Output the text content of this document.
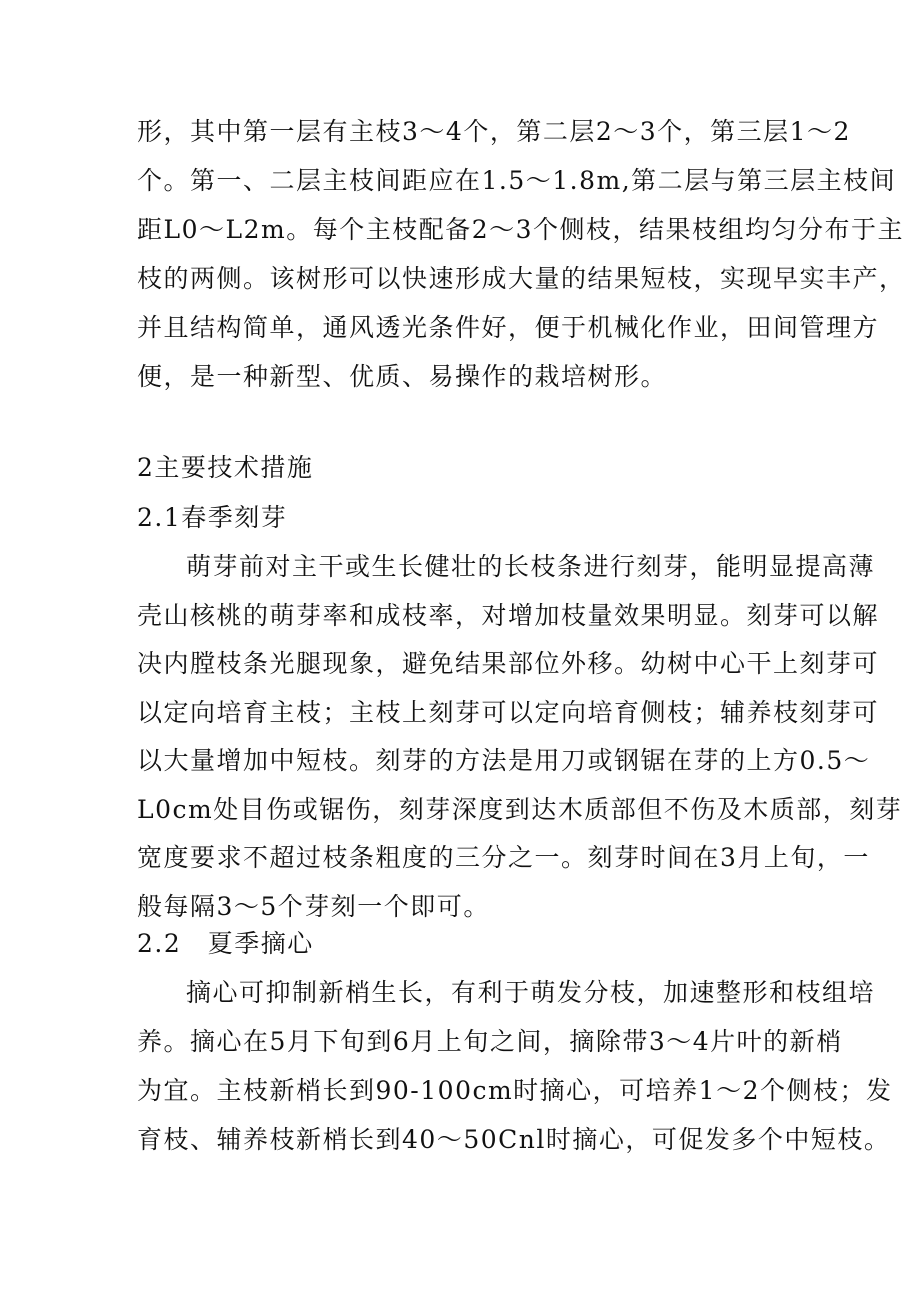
形，其中第一层有主枝3～4个，第二层2～3个，第三层1～2
个。第一、二层主枝间距应在1.5～1.8m,第二层与第三层主枝间
距L0～L2m。每个主枝配备2～3个侧枝，结果枝组均匀分布于主
枝的两侧。该树形可以快速形成大量的结果短枝，实现早实丰产，
并且结构简单，通风透光条件好，便于机械化作业，田间管理方
便，是一种新型、优质、易操作的栽培树形。
2主要技术措施
2.1春季刻芽
萌芽前对主干或生长健壮的长枝条进行刻芽，能明显提高薄
壳山核桃的萌芽率和成枝率，对增加枝量效果明显。刻芽可以解
决内膛枝条光腿现象，避免结果部位外移。幼树中心干上刻芽可
以定向培育主枝；主枝上刻芽可以定向培育侧枝；辅养枝刻芽可
以大量增加中短枝。刻芽的方法是用刀或钢锯在芽的上方0.5～
L0cm处目伤或锯伤，刻芽深度到达木质部但不伤及木质部，刻芽
宽度要求不超过枝条粗度的三分之一。刻芽时间在3月上旬，一
般每隔3～5个芽刻一个即可。
2.2　夏季摘心
摘心可抑制新梢生长，有利于萌发分枝，加速整形和枝组培
养。摘心在5月下旬到6月上旬之间，摘除带3～4片叶的新梢
为宜。主枝新梢长到90-100cm时摘心，可培养1～2个侧枝；发
育枝、辅养枝新梢长到40～50Cnl时摘心，可促发多个中短枝。
